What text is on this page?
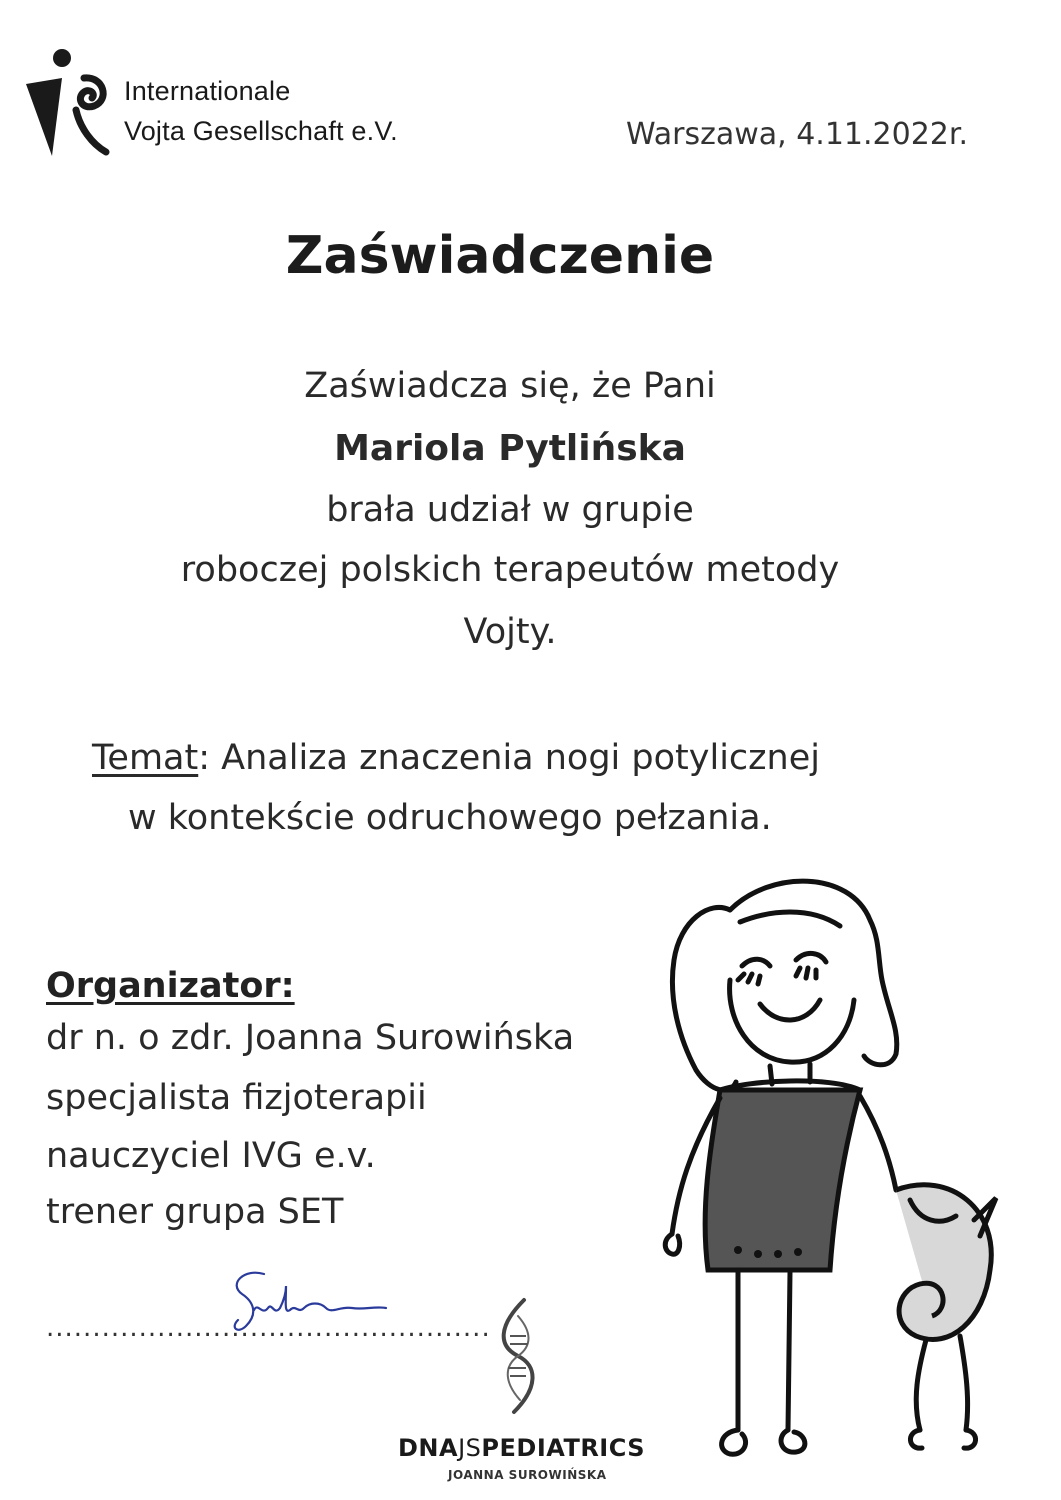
Internationale
Vojta Gesellschaft e.V.	Warszawa, 4.11.2022r.
Zaświadczenie
Zaświadcza się, że Pani
Mariola Pytlińska
brała udział w grupie
roboczej polskich terapeutów metody
Vojty.
Temat: Analiza znaczenia nogi potylicznej
w kontekście odruchowego pełzania.
Organizator:
dr n. o zdr. Joanna Surowińska
specjalista fizjoterapii
nauczyciel IVG e.v.
trener grupa SET
................................................
DNAJSPEDIATRICS
JOANNA SUROWIŃSKA
